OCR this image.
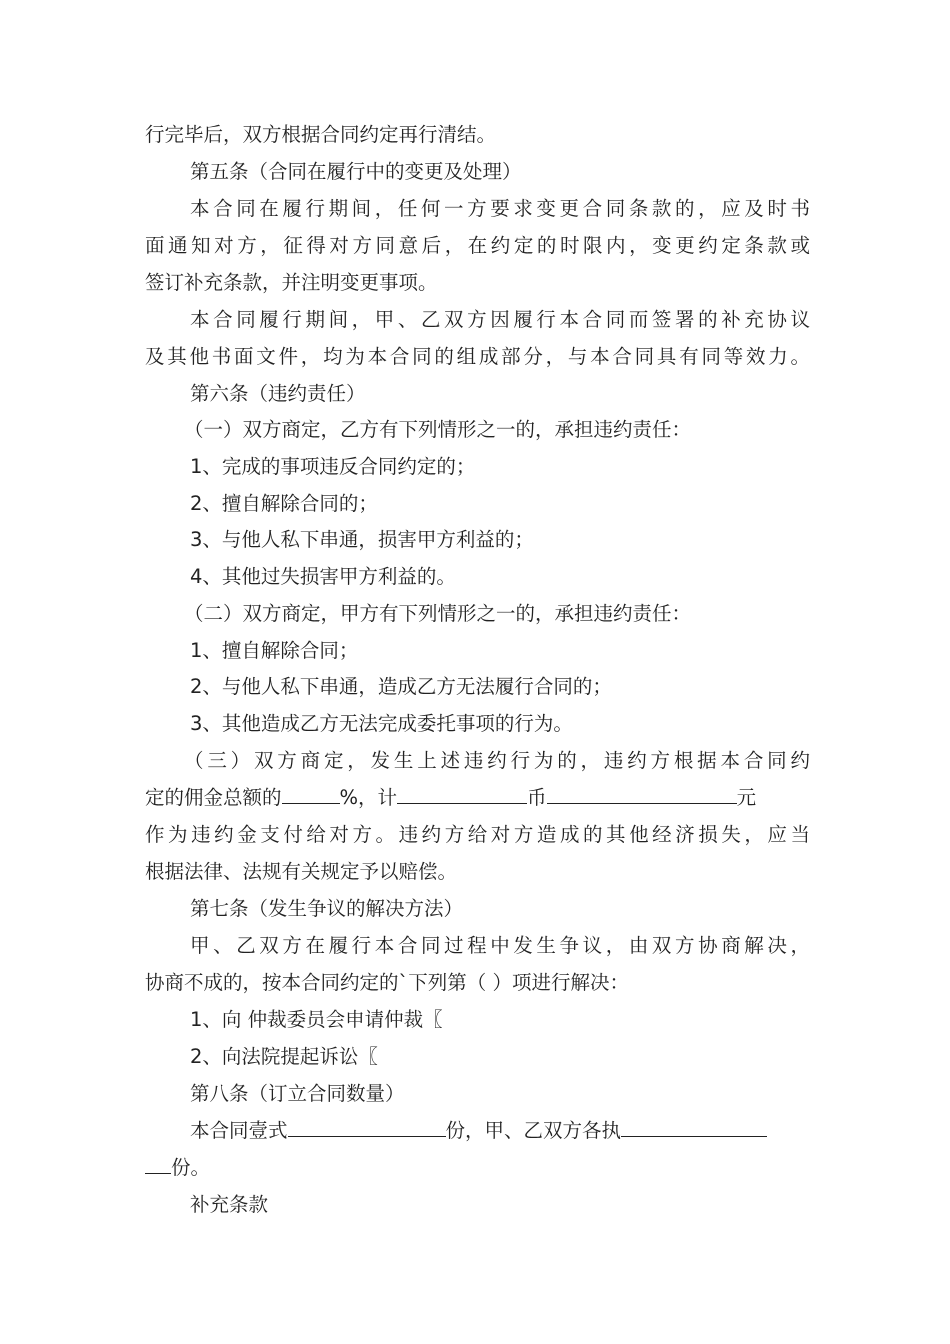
行完毕后，双方根据合同约定再行清结。
第五条（合同在履行中的变更及处理）
本合同在履行期间，任何一方要求变更合同条款的，应及时书
面通知对方，征得对方同意后，在约定的时限内，变更约定条款或
签订补充条款，并注明变更事项。
本合同履行期间，甲、乙双方因履行本合同而签署的补充协议
及其他书面文件，均为本合同的组成部分，与本合同具有同等效力。
第六条（违约责任）
（一）双方商定，乙方有下列情形之一的，承担违约责任：
1、完成的事项违反合同约定的；
2、擅自解除合同的；
3、与他人私下串通，损害甲方利益的；
4、其他过失损害甲方利益的。
（二）双方商定，甲方有下列情形之一的，承担违约责任：
1、擅自解除合同；
2、与他人私下串通，造成乙方无法履行合同的；
3、其他造成乙方无法完成委托事项的行为。
（三）双方商定，发生上述违约行为的，违约方根据本合同约
定的佣金总额的	%，计	币	元
作为违约金支付给对方。违约方给对方造成的其他经济损失，应当
根据法律、法规有关规定予以赔偿。
第七条（发生争议的解决方法）
甲、乙双方在履行本合同过程中发生争议，由双方协商解决，
协商不成的，按本合同约定的`下列第（ ）项进行解决：
1、向 仲裁委员会申请仲裁〖
2、向法院提起诉讼〖
第八条（订立合同数量）
本合同壹式	份，甲、乙双方各执
份。
补充条款
